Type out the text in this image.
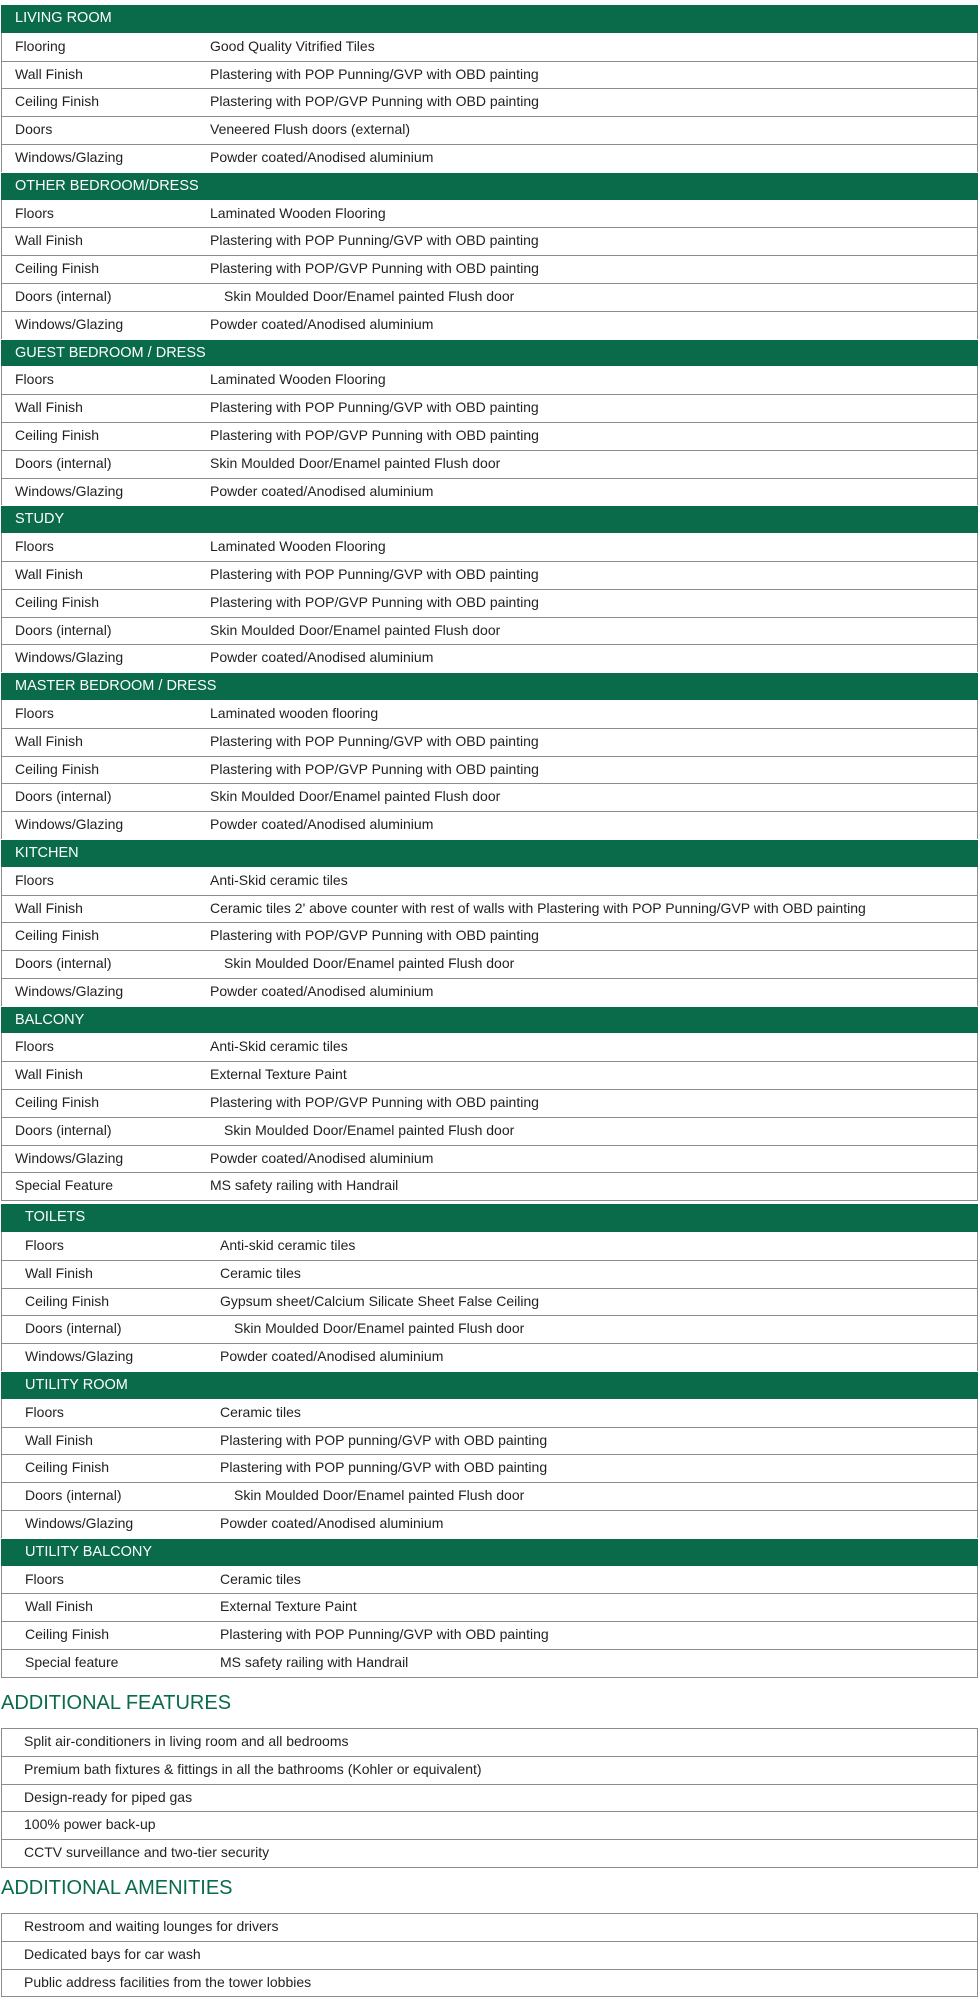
LIVING ROOM
Flooring	Good Quality Vitrified Tiles
Wall Finish	Plastering with POP Punning/GVP with OBD painting
Ceiling Finish	Plastering with POP/GVP Punning with OBD painting
Doors	Veneered Flush doors (external)
Windows/Glazing	Powder coated/Anodised aluminium
OTHER BEDROOM/DRESS
Floors	Laminated Wooden Flooring
Wall Finish	Plastering with POP Punning/GVP with OBD painting
Ceiling Finish	Plastering with POP/GVP Punning with OBD painting
Doors (internal)	Skin Moulded Door/Enamel painted Flush door
Windows/Glazing	Powder coated/Anodised aluminium
GUEST BEDROOM / DRESS
Floors	Laminated Wooden Flooring
Wall Finish	Plastering with POP Punning/GVP with OBD painting
Ceiling Finish	Plastering with POP/GVP Punning with OBD painting
Doors (internal)	Skin Moulded Door/Enamel painted Flush door
Windows/Glazing	Powder coated/Anodised aluminium
STUDY
Floors	Laminated Wooden Flooring
Wall Finish	Plastering with POP Punning/GVP with OBD painting
Ceiling Finish	Plastering with POP/GVP Punning with OBD painting
Doors (internal)	Skin Moulded Door/Enamel painted Flush door
Windows/Glazing	Powder coated/Anodised aluminium
MASTER BEDROOM / DRESS
Floors	Laminated wooden flooring
Wall Finish	Plastering with POP Punning/GVP with OBD painting
Ceiling Finish	Plastering with POP/GVP Punning with OBD painting
Doors (internal)	Skin Moulded Door/Enamel painted Flush door
Windows/Glazing	Powder coated/Anodised aluminium
KITCHEN
Floors	Anti-Skid ceramic tiles
Wall Finish	Ceramic tiles 2' above counter with rest of walls with Plastering with POP Punning/GVP with OBD painting
Ceiling Finish	Plastering with POP/GVP Punning with OBD painting
Doors (internal)	Skin Moulded Door/Enamel painted Flush door
Windows/Glazing	Powder coated/Anodised aluminium
BALCONY
Floors	Anti-Skid ceramic tiles
Wall Finish	External Texture Paint
Ceiling Finish	Plastering with POP/GVP Punning with OBD painting
Doors (internal)	Skin Moulded Door/Enamel painted Flush door
Windows/Glazing	Powder coated/Anodised aluminium
Special Feature	MS safety railing with Handrail
TOILETS
Floors	Anti-skid ceramic tiles
Wall Finish	Ceramic tiles
Ceiling Finish	Gypsum sheet/Calcium Silicate Sheet False Ceiling
Doors (internal)	Skin Moulded Door/Enamel painted Flush door
Windows/Glazing	Powder coated/Anodised aluminium
UTILITY ROOM
Floors	Ceramic tiles
Wall Finish	Plastering with POP punning/GVP with OBD painting
Ceiling Finish	Plastering with POP punning/GVP with OBD painting
Doors (internal)	Skin Moulded Door/Enamel painted Flush door
Windows/Glazing	Powder coated/Anodised aluminium
UTILITY BALCONY
Floors	Ceramic tiles
Wall Finish	External Texture Paint
Ceiling Finish	Plastering with POP Punning/GVP with OBD painting
Special feature	MS safety railing with Handrail
ADDITIONAL FEATURES
Split air-conditioners in living room and all bedrooms
Premium bath fixtures & fittings in all the bathrooms (Kohler or equivalent)
Design-ready for piped gas
100% power back-up
CCTV surveillance and two-tier security
ADDITIONAL AMENITIES
Restroom and waiting lounges for drivers
Dedicated bays for car wash
Public address facilities from the tower lobbies
